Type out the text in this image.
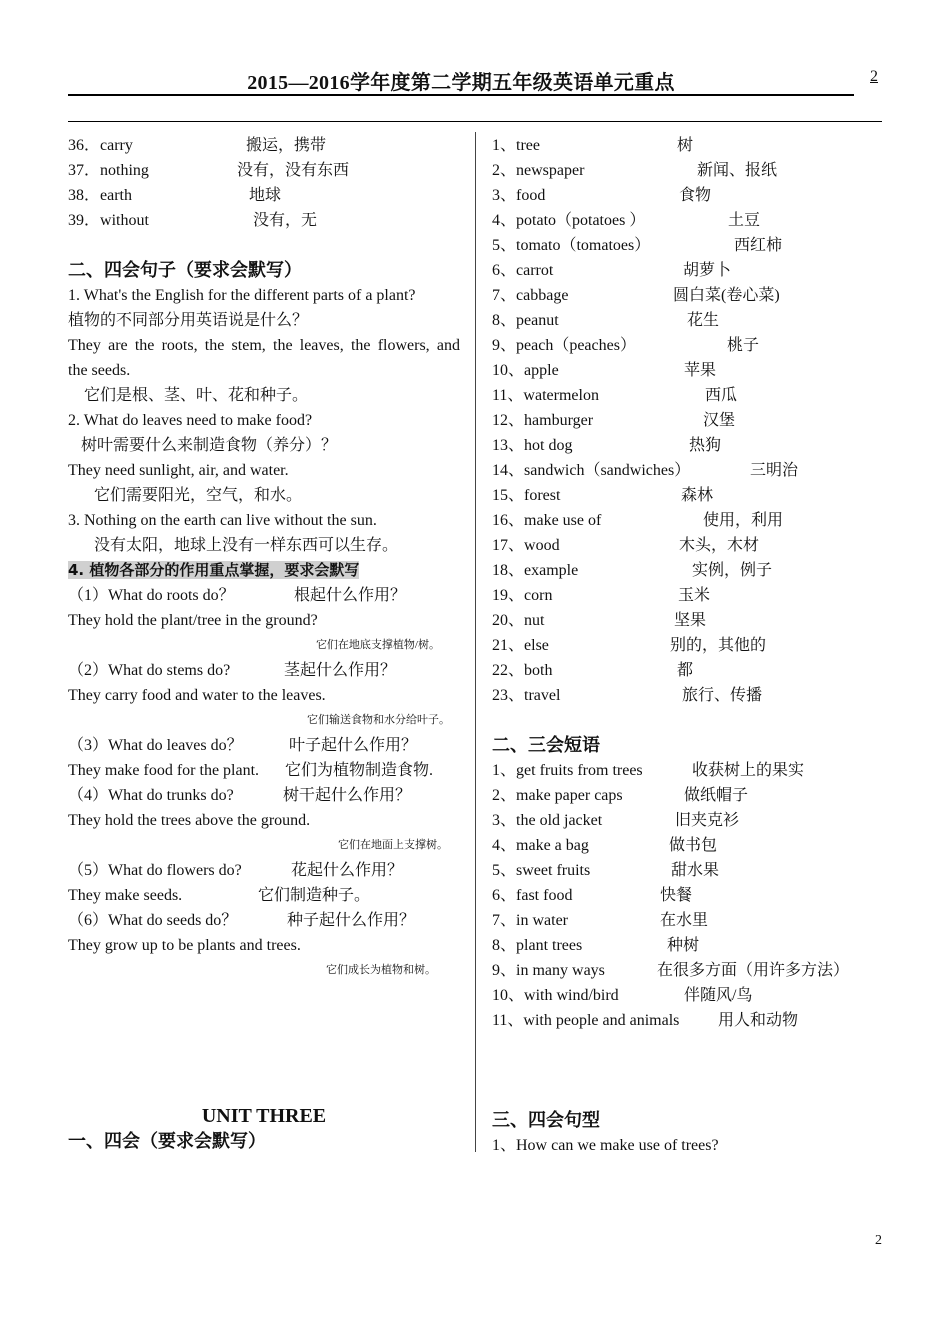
2015—2016学年度第二学期五年级英语单元重点	2
36．carry	搬运，携带
37．nothing	没有，没有东西
38．earth	地球
39．without	没有，无
二、四会句子（要求会默写）
1. What's the English for the different parts of a plant?
植物的不同部分用英语说是什么？
They are the roots, the stem, the leaves, the flowers, and
the seeds.
它们是根、茎、叶、花和种子。
2. What do leaves need to make food?
树叶需要什么来制造食物（养分）？
They need sunlight, air, and water.
它们需要阳光，空气，和水。
3. Nothing on the earth can live without the sun.
没有太阳，地球上没有一样东西可以生存。
4. 植物各部分的作用重点掌握，要求会默写
（1）What do roots do？	根起什么作用？
They hold the plant/tree in the ground?
它们在地底支撑植物/树。
（2）What do stems do?	茎起什么作用？
They carry food and water to the leaves.
它们输送食物和水分给叶子。
（3）What do leaves do？	叶子起什么作用？
They make food for the plant. 它们为植物制造食物.
（4）What do trunks do?	树干起什么作用？
They hold the trees above the ground.
它们在地面上支撑树。
（5）What do flowers do?	花起什么作用？
They make seeds.	它们制造种子。
（6）What do seeds do？	种子起什么作用？
They grow up to be plants and trees.
它们成长为植物和树。
UNIT THREE
一、四会（要求会默写）
1、tree	树
2、newspaper	新闻、报纸
3、food	食物
4、potato（potatoes ）	土豆
5、tomato（tomatoes）	西红柿
6、carrot	胡萝卜
7、cabbage	圆白菜(卷心菜)
8、peanut	花生
9、peach（peaches）	桃子
10、apple	苹果
11、watermelon	西瓜
12、hamburger	汉堡
13、hot dog	热狗
14、sandwich（sandwiches）	三明治
15、forest	森林
16、make use of	使用，利用
17、wood	木头，木材
18、example	实例，例子
19、corn	玉米
20、nut	坚果
21、else	别的，其他的
22、both	都
23、travel	旅行、传播
二、三会短语
1、get fruits from trees	收获树上的果实
2、make paper caps	做纸帽子
3、the old jacket	旧夹克衫
4、make a bag	做书包
5、sweet fruits	甜水果
6、fast food	快餐
7、in water	在水里
8、plant trees	种树
9、in many ways	在很多方面（用许多方法）
10、with wind/bird	伴随风/鸟
11、with people and animals 用人和动物
三、四会句型
1、How can we make use of trees?
2
